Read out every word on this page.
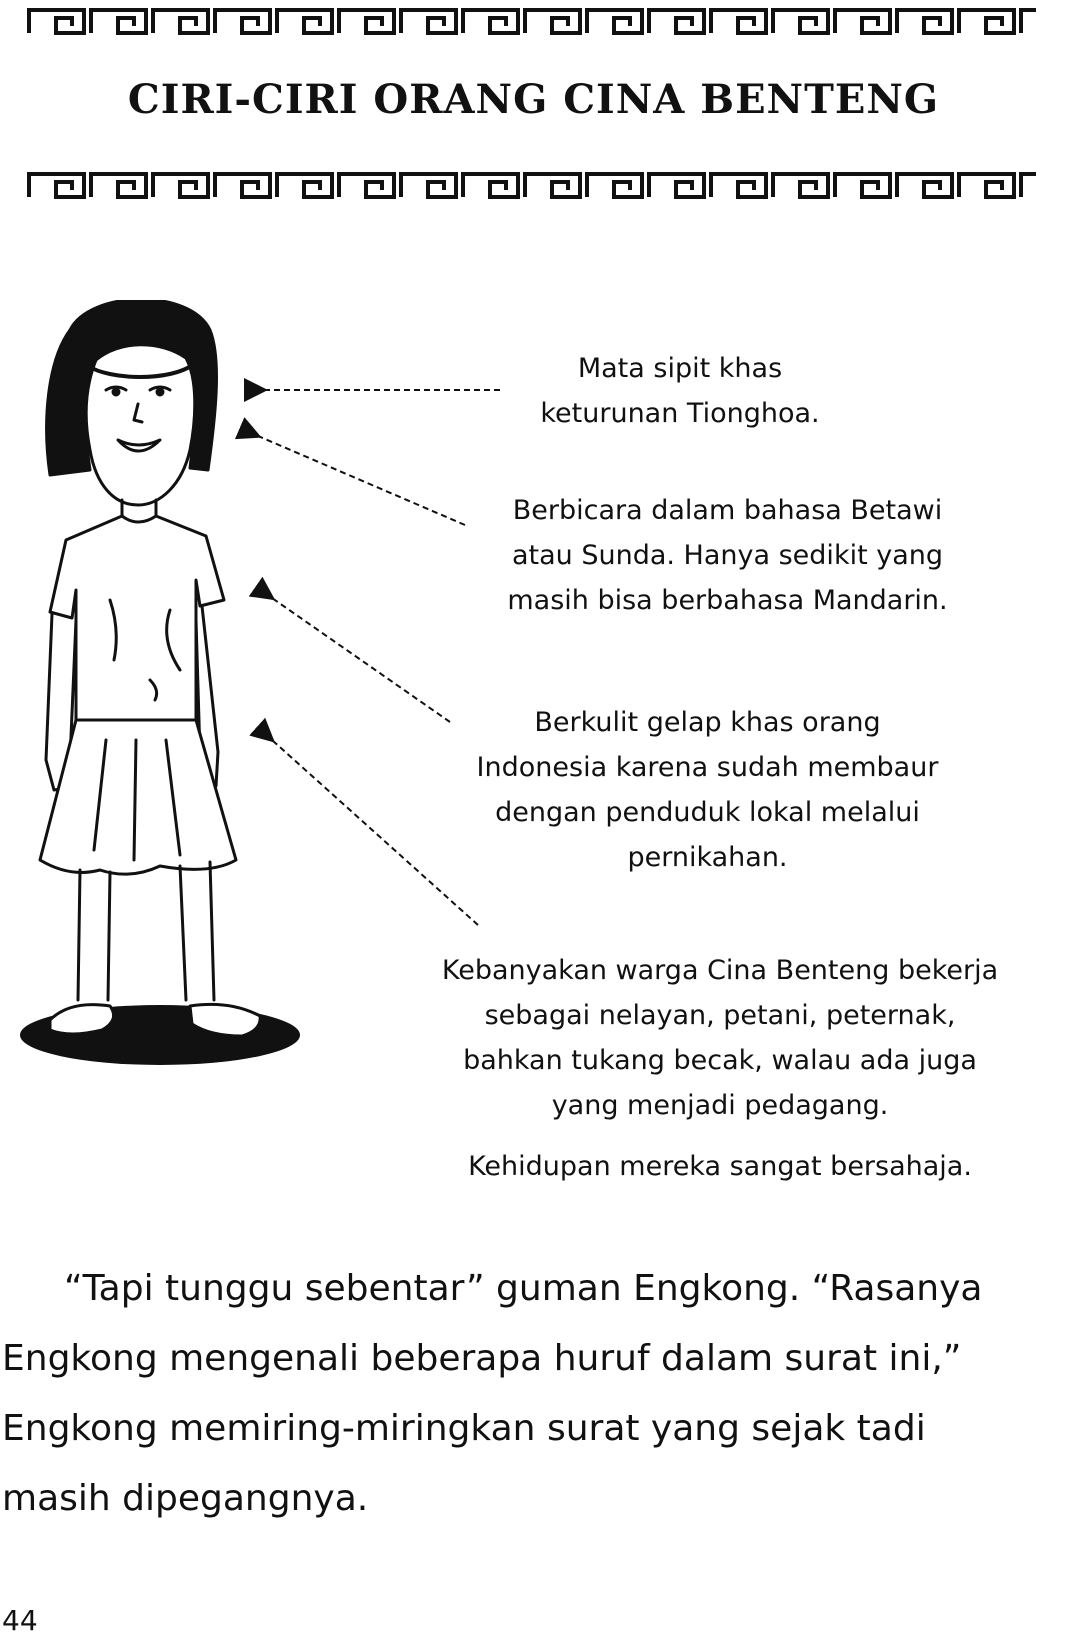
CIRI-CIRI ORANG CINA BENTENG
Mata sipit khas
keturunan Tionghoa.
Berbicara dalam bahasa Betawi
atau Sunda. Hanya sedikit yang
masih bisa berbahasa Mandarin.
Berkulit gelap khas orang
Indonesia karena sudah membaur
dengan penduduk lokal melalui
pernikahan.
Kebanyakan warga Cina Benteng bekerja
sebagai nelayan, petani, peternak,
bahkan tukang becak, walau ada juga
yang menjadi pedagang.
Kehidupan mereka sangat bersahaja.
“Tapi tunggu sebentar” guman Engkong. “Rasanya
Engkong mengenali beberapa huruf dalam surat ini,”
Engkong memiring-miringkan surat yang sejak tadi
masih dipegangnya.
44
